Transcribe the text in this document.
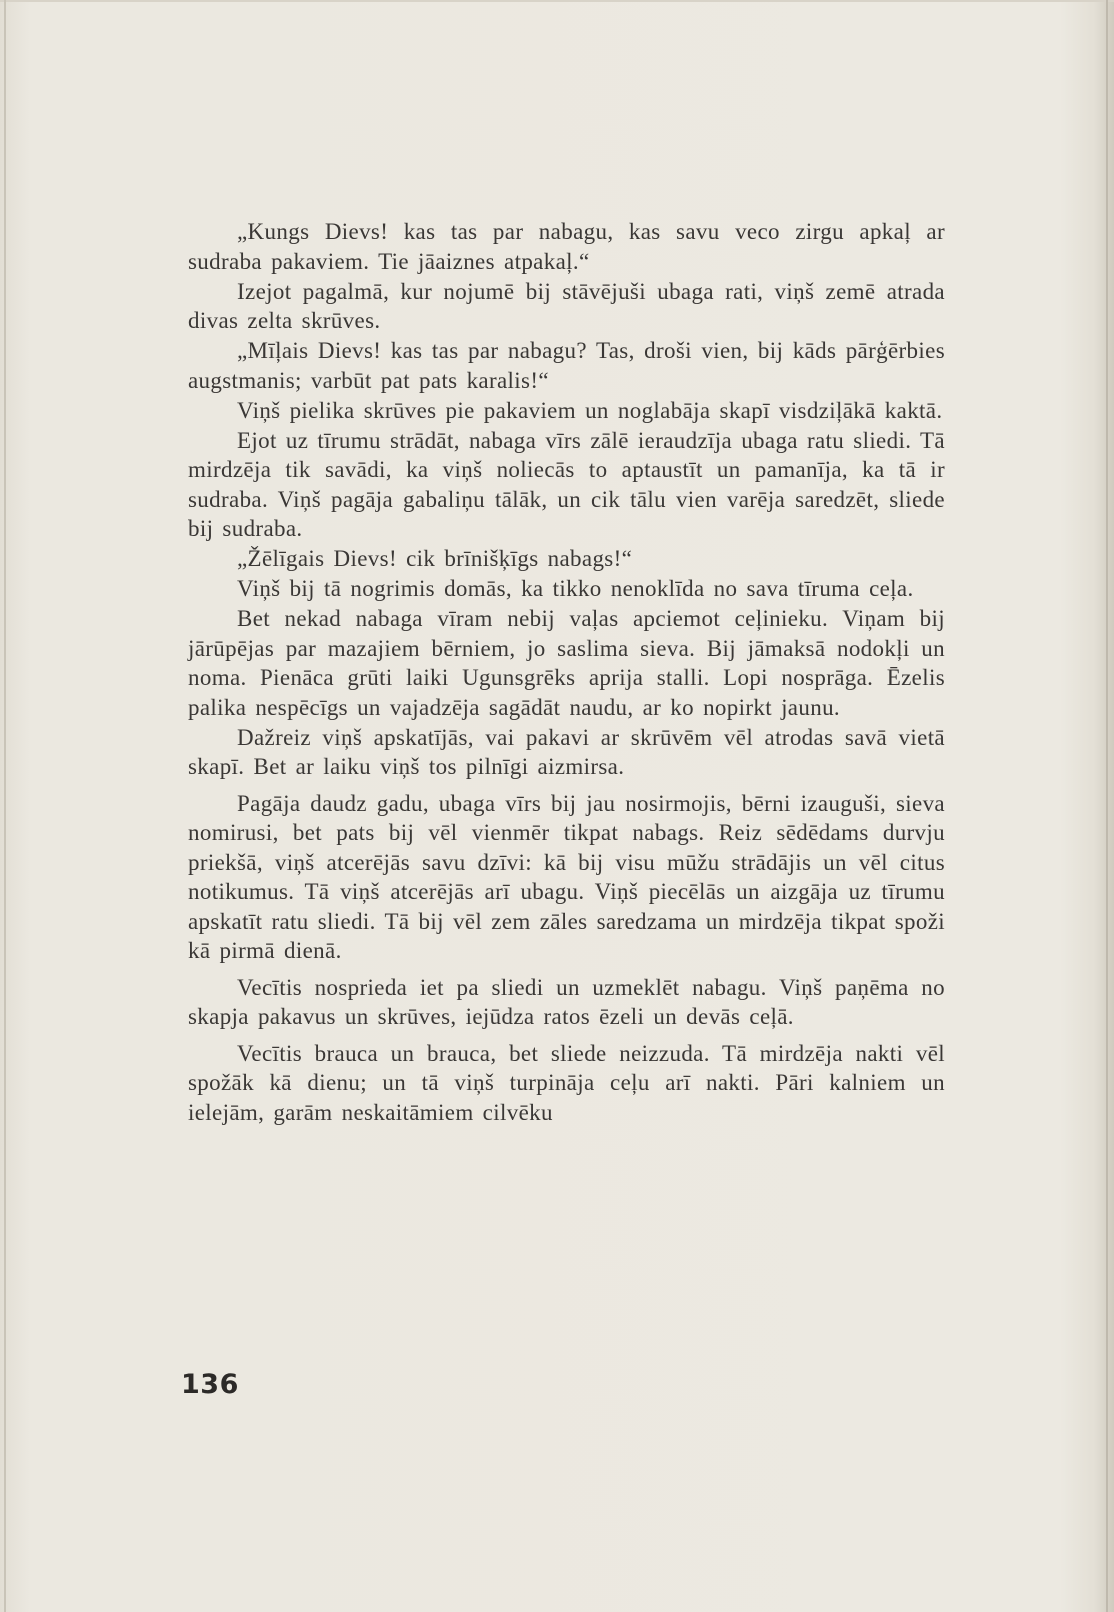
„Kungs Dievs! kas tas par nabagu, kas savu veco zirgu apkaļ ar sudraba pakaviem. Tie jāaiznes atpakaļ.“

Izejot pagalmā, kur nojumē bij stāvējuši ubaga rati, viņš zemē atrada divas zelta skrūves.

„Mīļais Dievs! kas tas par nabagu? Tas, droši vien, bij kāds pārģērbies augstmanis; varbūt pat pats karalis!“

Viņš pielika skrūves pie pakaviem un noglabāja skapī visdziļākā kaktā.

Ejot uz tīrumu strādāt, nabaga vīrs zālē ieraudzīja ubaga ratu sliedi. Tā mirdzēja tik savādi, ka viņš noliecās to aptaustīt un pamanīja, ka tā ir sudraba. Viņš pagāja gabaliņu tālāk, un cik tālu vien varēja saredzēt, sliede bij sudraba.

„Žēlīgais Dievs! cik brīnišķīgs nabags!“

Viņš bij tā nogrimis domās, ka tikko nenoklīda no sava tīruma ceļa.

Bet nekad nabaga vīram nebij vaļas apciemot ceļinieku. Viņam bij jārūpējas par mazajiem bērniem, jo saslima sieva. Bij jāmaksā nodokļi un noma. Pienāca grūti laiki Ugunsgrēks aprija stalli. Lopi nosprāga. Ēzelis palika nespēcīgs un vajadzēja sagādāt naudu, ar ko nopirkt jaunu.

Dažreiz viņš apskatījās, vai pakavi ar skrūvēm vēl atrodas savā vietā skapī. Bet ar laiku viņš tos pilnīgi aizmirsa.

Pagāja daudz gadu, ubaga vīrs bij jau nosirmojis, bērni izauguši, sieva nomirusi, bet pats bij vēl vienmēr tikpat nabags. Reiz sēdēdams durvju priekšā, viņš atcerējās savu dzīvi: kā bij visu mūžu strādājis un vēl citus notikumus. Tā viņš atcerējās arī ubagu. Viņš piecēlās un aizgāja uz tīrumu apskatīt ratu sliedi. Tā bij vēl zem zāles saredzama un mirdzēja tikpat spoži kā pirmā dienā.

Vecītis nosprieda iet pa sliedi un uzmeklēt nabagu. Viņš paņēma no skapja pakavus un skrūves, iejūdza ratos ēzeli un devās ceļā.

Vecītis brauca un brauca, bet sliede neizzuda. Tā mirdzēja nakti vēl spožāk kā dienu; un tā viņš turpināja ceļu arī nakti. Pāri kalniem un ielejām, garām neskaitāmiem cilvēku

136
